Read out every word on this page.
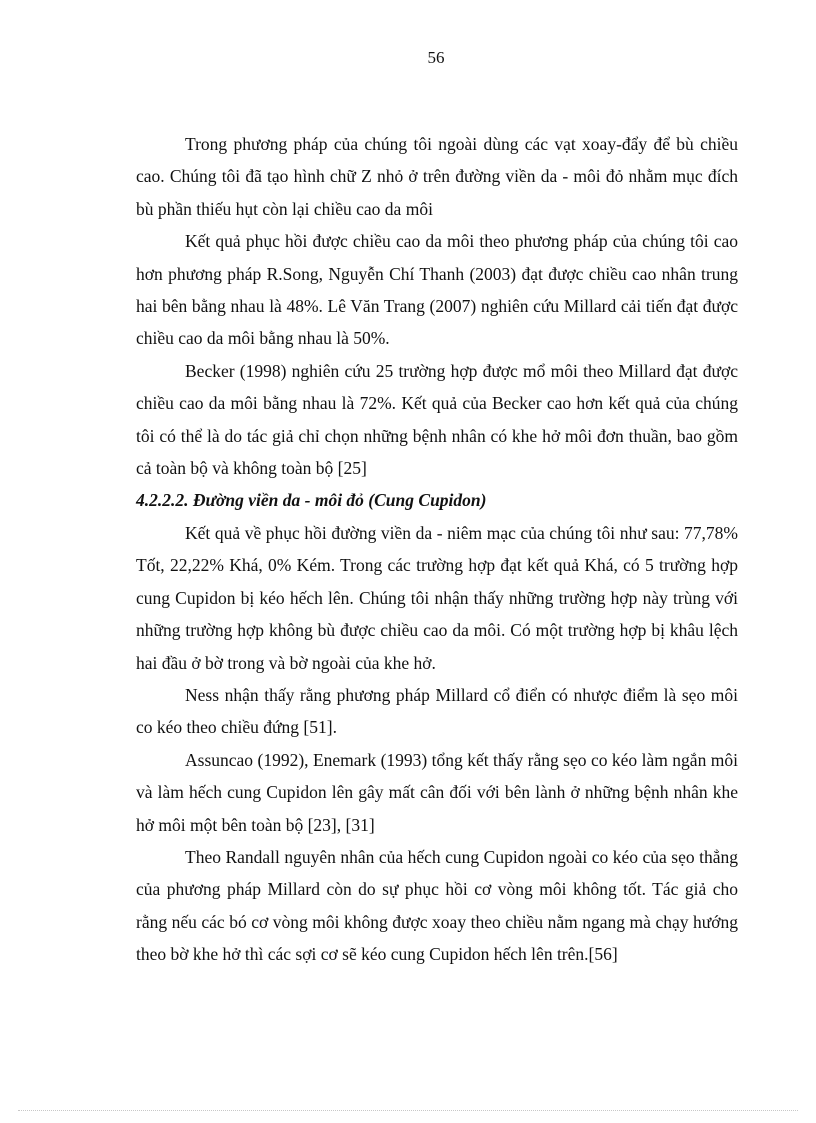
56

Trong phương pháp của chúng tôi ngoài dùng các vạt xoay-đẩy để bù chiều cao. Chúng tôi đã tạo hình chữ Z nhỏ ở trên đường viền da - môi đỏ nhằm mục đích bù phần thiếu hụt còn lại chiều cao da môi

Kết quả phục hồi được chiều cao da môi theo phương pháp của chúng tôi cao hơn phương pháp R.Song, Nguyễn Chí Thanh (2003) đạt được chiều cao nhân trung hai bên bằng nhau là 48%. Lê Văn Trang (2007) nghiên cứu Millard cải tiến đạt được chiều cao da môi bằng nhau là 50%.

Becker (1998) nghiên cứu 25 trường hợp được mổ môi theo Millard đạt được chiều cao da môi bằng nhau là 72%. Kết quả của Becker cao hơn kết quả của chúng tôi có thể là do tác giả chỉ chọn những bệnh nhân có khe hở môi đơn thuần, bao gồm cả toàn bộ và không toàn bộ [25]

4.2.2.2. Đường viền da - môi đỏ (Cung Cupidon)

Kết quả về phục hồi đường viền da - niêm mạc của chúng tôi như sau: 77,78% Tốt, 22,22% Khá, 0% Kém. Trong các trường hợp đạt kết quả Khá, có 5 trường hợp cung Cupidon bị kéo hếch lên. Chúng tôi nhận thấy những trường hợp này trùng với những trường hợp không bù được chiều cao da môi. Có một trường hợp bị khâu lệch hai đầu ở bờ trong và bờ ngoài của khe hở.

Ness nhận thấy rằng phương pháp Millard cổ điển có nhược điểm là sẹo môi co kéo theo chiều đứng [51].

Assuncao (1992), Enemark (1993) tổng kết thấy rằng sẹo co kéo làm ngắn môi và làm hếch cung Cupidon lên gây mất cân đối với bên lành ở những bệnh nhân khe hở môi một bên toàn bộ [23], [31]

Theo Randall nguyên nhân của hếch cung Cupidon ngoài co kéo của sẹo thẳng của phương pháp Millard còn do sự phục hồi cơ vòng môi không tốt. Tác giả cho rằng nếu các bó cơ vòng môi không được xoay theo chiều nằm ngang mà chạy hướng theo bờ khe hở thì các sợi cơ sẽ kéo cung Cupidon hếch lên trên.[56]
